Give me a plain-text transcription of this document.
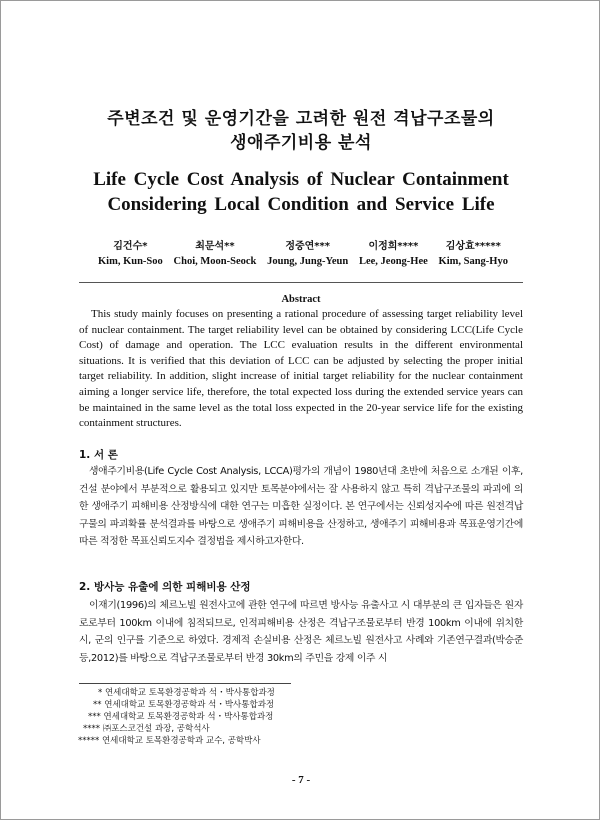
주변조건 및 운영기간을 고려한 원전 격납구조물의
생애주기비용 분석
Life Cycle Cost Analysis of Nuclear Containment
Considering Local Condition and Service Life
김건수*
Kim, Kun-Soo
최문석**
Choi, Moon-Seock
정중연***
Joung, Jung-Yeun
이정희****
Lee, Jeong-Hee
김상효*****
Kim, Sang-Hyo
Abstract
This study mainly focuses on presenting a rational procedure of assessing target reliability level of nuclear containment. The target reliability level can be obtained by considering LCC(Life Cycle Cost) of damage and operation. The LCC evaluation results in the different environmental situations. It is verified that this deviation of LCC can be adjusted by selecting the proper initial target reliability. In addition, slight increase of initial target reliability for the nuclear containment aiming a longer service life, therefore, the total expected loss during the extended service years can be maintained in the same level as the total loss expected in the 20-year service life for the existing containment structures.
1. 서 론
생애주기비용(Life Cycle Cost Analysis, LCCA)평가의 개념이 1980년대 초반에 처음으로 소개된 이후, 건설 분야에서 부분적으로 활용되고 있지만 토목분야에서는 잘 사용하지 않고 특히 격납구조물의 파괴에 의한 생애주기 피해비용 산정방식에 대한 연구는 미흡한 실정이다. 본 연구에서는 신뢰성지수에 따른 원전격납구물의 파괴확률 분석결과를 바탕으로 생애주기 피해비용을 산정하고, 생애주기 피해비용과 목표운영기간에 따른 적정한 목표신뢰도지수 결정법을 제시하고자한다.
2. 방사능 유출에 의한 피해비용 산정
이재기(1996)의 체르노빌 원전사고에 관한 연구에 따르면 방사능 유출사고 시 대부분의 큰 입자들은 원자로로부터 100km 이내에 침적되므로, 인적피해비용 산정은 격납구조물로부터 반경 100km 이내에 위치한 시, 군의 인구를 기준으로 하였다. 경제적 손실비용 산정은 체르노빌 원전사고 사례와 기존연구결과(박승준 등,2012)를 바탕으로 격납구조물로부터 반경 30km의 주민을 강제 이주 시
* 연세대학교 토목환경공학과 석・박사통합과정
** 연세대학교 토목환경공학과 석・박사통합과정
*** 연세대학교 토목환경공학과 석・박사통합과정
**** ㈜포스코건설 과장, 공학석사
***** 연세대학교 토목환경공학과 교수, 공학박사
- 7 -
